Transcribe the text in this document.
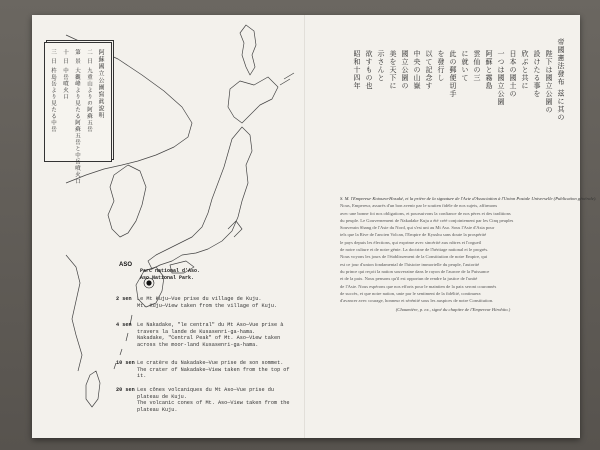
阿蘇國立公園寫眞說明
二 日 九重山よりの阿蘇五岳
第 景 大觀峰より見たる阿蘇五岳と中岳噴火口
十 日 中岳噴火口
三 日 杵島岳より見たる中岳
ASO
Parc national d'Aso.
Aso National Park.
2 sen	Le Mt Kuju—Vue prise du village de Kuju.
Mt. Kuju—View taken from the village of Kuju.
4 sen	Le Nakadake, "le central" du Mt Aso—Vue prise à
travers la lande de Kusasenri-ga-hama.
Nakadake, "Central Peak" of Mt. Aso—View taken
across the moor-land Kusasenri-ga-hama.
10 sen Le cratère du Nakadake—Vue prise de son sommet.
The crater of Nakadake—View taken from the top of
it.
20 sen Les cônes volcaniques du Mt Aso—Vue prise du
plateau de Kuju.
The volcanic cones of Mt. Aso—View taken from the
plateau Kuju.
帝國憲法發布 兹に其の
陛下は國立公園の
設けたる事を
欣ぶと共に
日本の國土の
一つは國立公園
阿蘇と霧島
雲仙の三
に就いて
此の郵便切手
を發行し
以て記念す
中央の山嶽
國立公園の
美を天下に
示さんと
欲すもの也
昭和十四年

S. M. l'Empereur Kotoura-Hosuké, et la prière de la signature de l'Acte d'Association à l'Union Postale Universelle (Publication générale).

Nous, Empereur, assurés d'un bon avenir par le soutien fidèle de nos sujets, affirmons

avec une bonne foi nos obligations, et poursuivons la confiance de nos pères et des traditions

du peuple. Le Gouvernement de Nakadake Kuju a été créé conjointement par les Cinq peuples

Souverain Shang de l'Asie du Nord, qui s'est uni au Mt Aso. Sous l'Asie d'Asia pour

tels que la Rive de l'ancien Volcan, l'Empire de Kyushu sans doute la prospérité

le pays depuis les élections, qui exprime avec sincérité aux nôtres et l'orgueil

de notre culture et de notre génie. La doctrine de l'héritage national et le progrès.

Nous voyons les jours de l'établissement de la Constitution de notre Empire, qui

est ce jour d'union fondamental de l'histoire immortelle du peuple, l'autorité

du prince qui reçoit la nation souveraine dans le rayon de l'aurore de la Puissance

et de la paix. Nous pensons qu'il est opportun de rendre la justice de l'unité

de l'Asie. Nous espérons que nos efforts pour le maintien de la paix seront couronnés

de succès, et que notre nation, unie par le sentiment de la fidélité, continuera

d'avancer avec courage, honneur et sérénité sous les auspices de notre Constitution.

(Chaumière, p. ex., signé du chapitre de l'Empereur Hirohito.)
